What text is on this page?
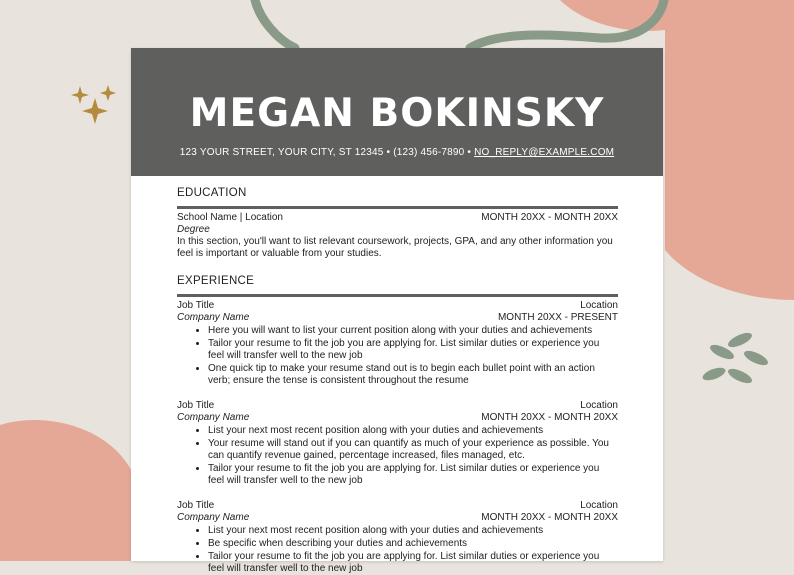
MEGAN BOKINSKY
123 YOUR STREET, YOUR CITY, ST 12345 • (123) 456-7890 • NO_REPLY@EXAMPLE.COM
EDUCATION
School Name | Location	MONTH 20XX - MONTH 20XX
Degree
In this section, you'll want to list relevant coursework, projects, GPA, and any other information you feel is important or valuable from your studies.
EXPERIENCE
Job Title	Location
Company Name	MONTH 20XX - PRESENT
• Here you will want to list your current position along with your duties and achievements
• Tailor your resume to fit the job you are applying for. List similar duties or experience you feel will transfer well to the new job
• One quick tip to make your resume stand out is to begin each bullet point with an action verb; ensure the tense is consistent throughout the resume
Job Title	Location
Company Name	MONTH 20XX - MONTH 20XX
• List your next most recent position along with your duties and achievements
• Your resume will stand out if you can quantify as much of your experience as possible. You can quantify revenue gained, percentage increased, files managed, etc.
• Tailor your resume to fit the job you are applying for. List similar duties or experience you feel will transfer well to the new job
Job Title	Location
Company Name	MONTH 20XX - MONTH 20XX
• List your next most recent position along with your duties and achievements
• Be specific when describing your duties and achievements
• Tailor your resume to fit the job you are applying for. List similar duties or experience you feel will transfer well to the new job
